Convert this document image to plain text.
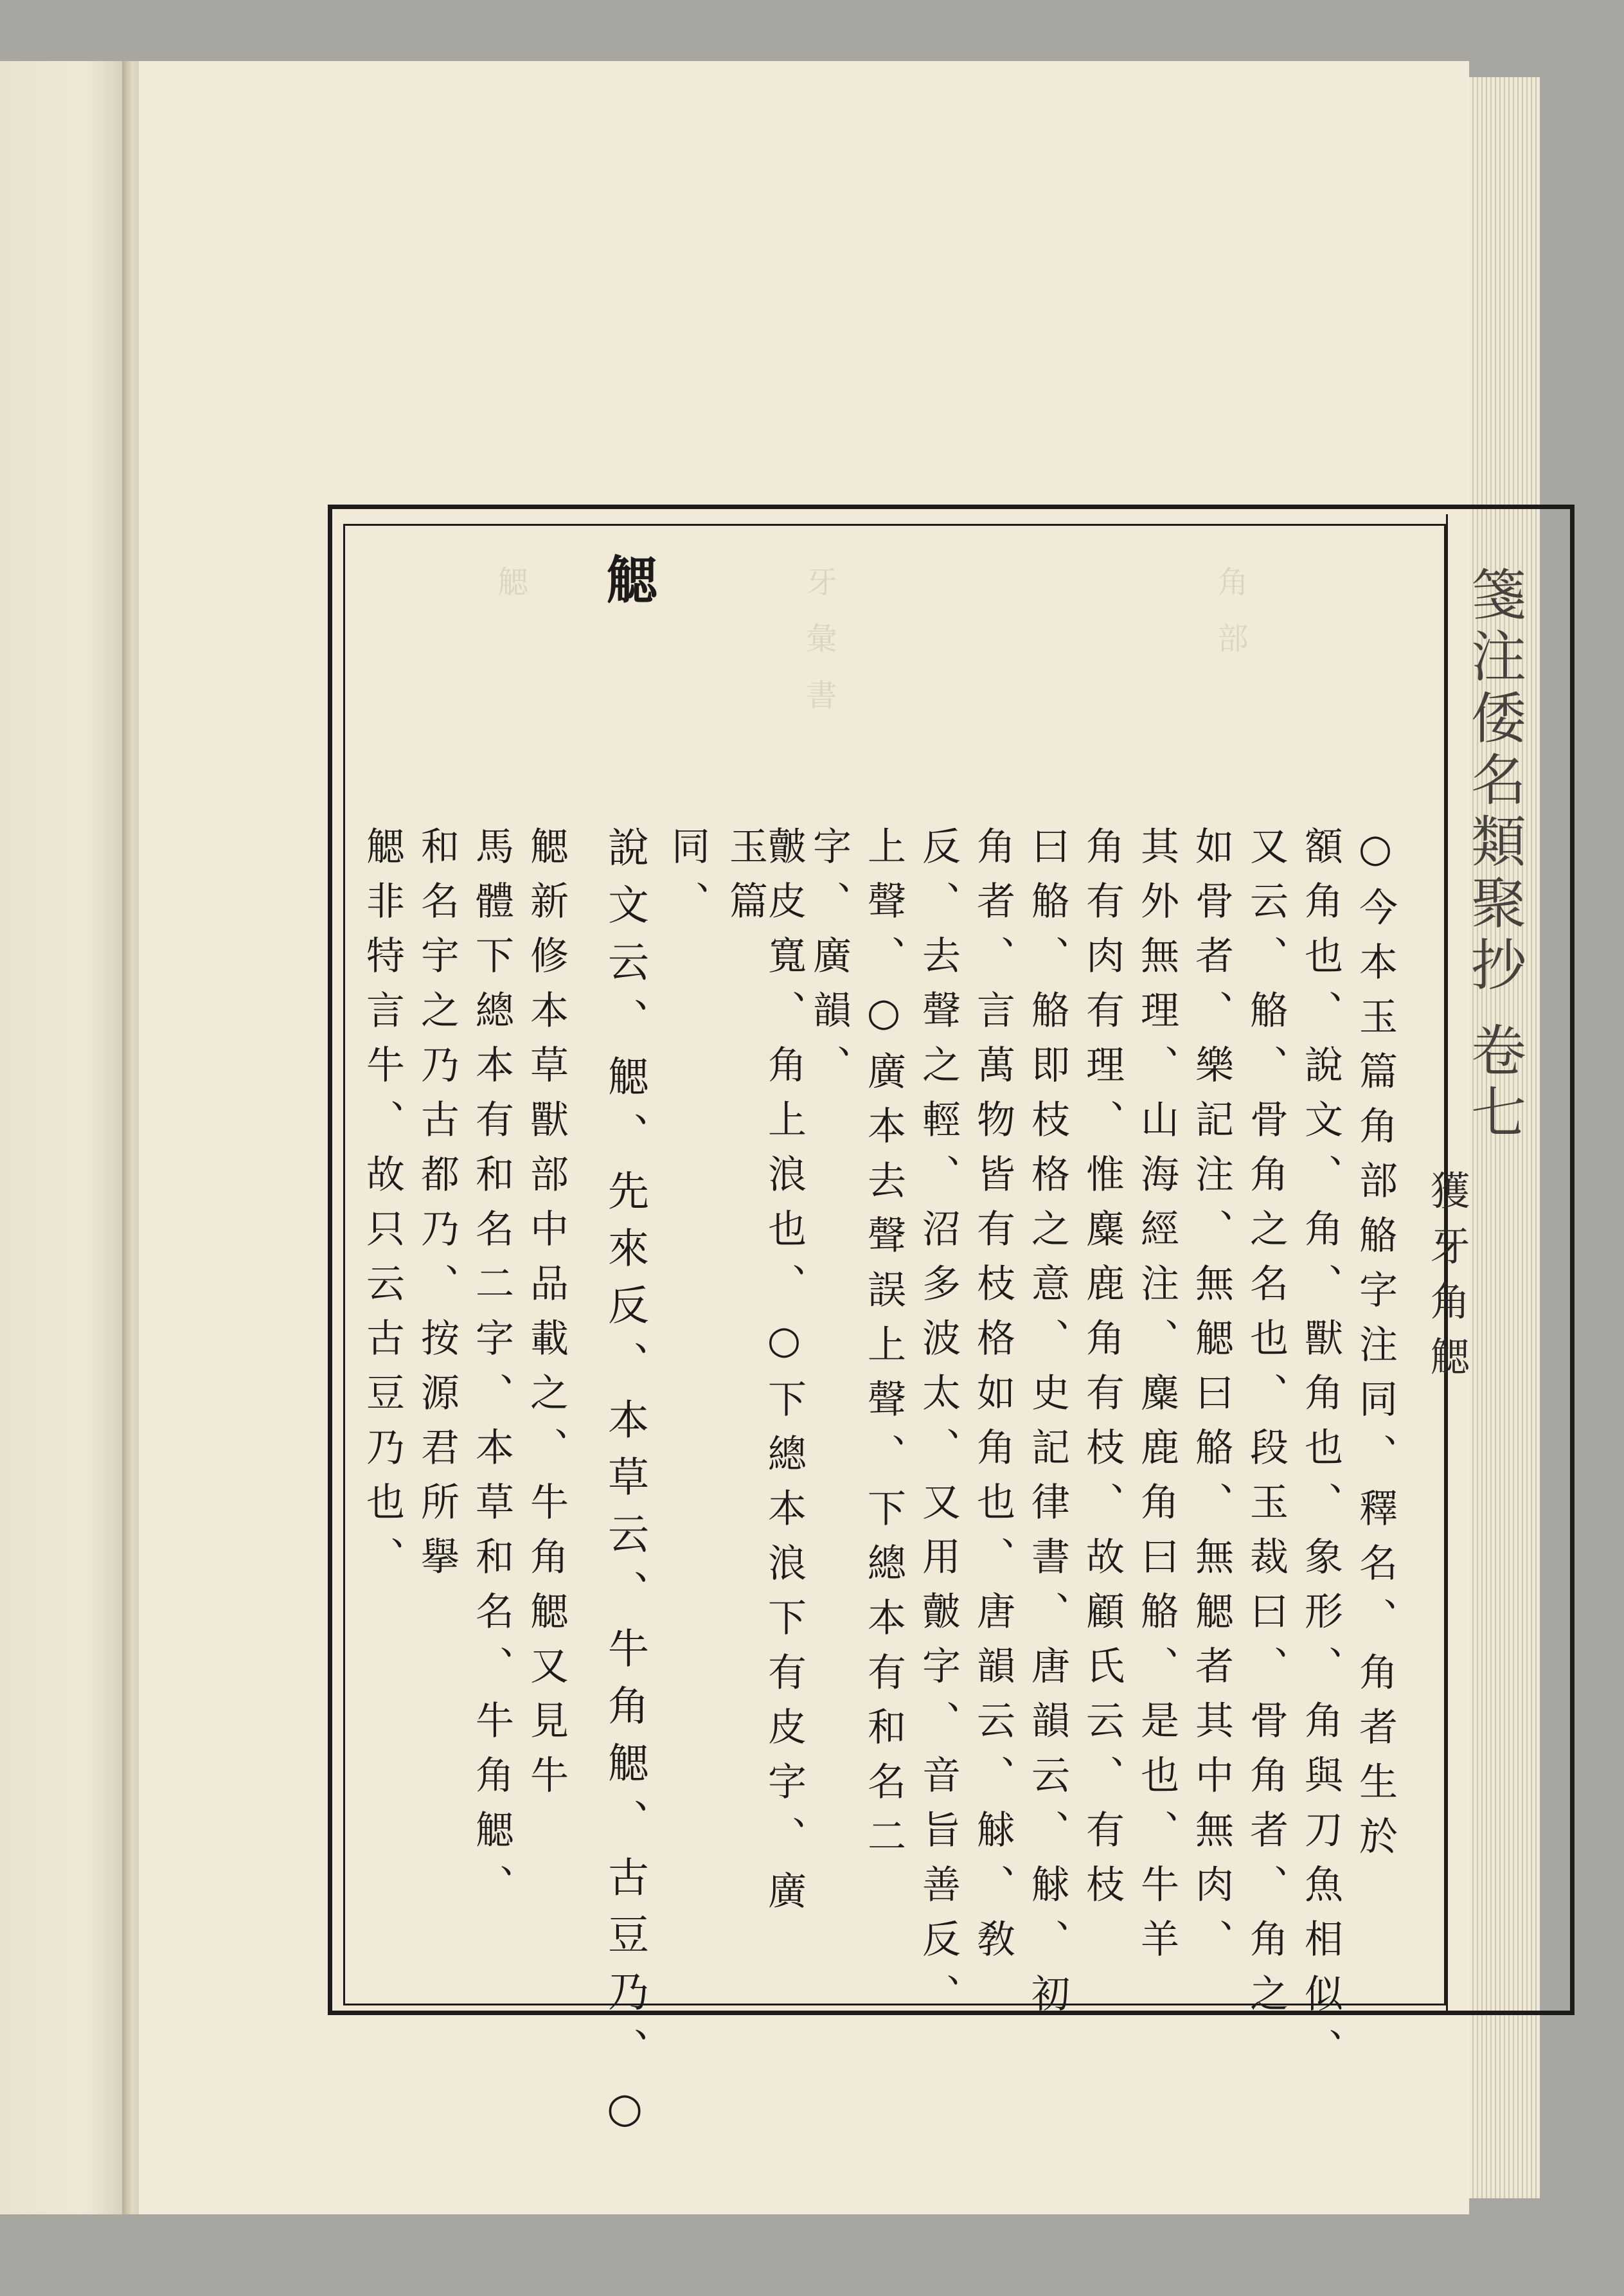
䚡	牙彙書	角部	箋注倭名類聚抄 卷七
獲牙角䚡
䚡
○今本玉篇角部觡字注同、釋名、角者生於
額角也、說文、角、獸角也、象形、角與刀魚相似、
又云、觡、骨角之名也、段玉裁曰、骨角者、角之
如骨者、樂記注、無䚡曰觡、無䚡者其中無肉、
其外無理、山海經注、麋鹿角曰觡、是也、牛羊
角有肉有理、惟麋鹿角有枝、故顧氏云、有枝
曰觡、觡即枝格之意、史記律書、唐韻云、觩、初
角者、言萬物皆有枝格如角也、唐韻云、觩、敎
反、去聲之輕、沼多波太、又用皾字、音旨善反、
上聲、○廣本去聲誤上聲、下總本有和名二
字、廣韻、
皾皮寬、角上浪也、○下總本浪下有皮字、廣
玉篇
同、
說文云、䚡、先來反、本草云、牛角䚡、古豆乃、○
䚡新修本草獸部中品載之、牛角䚡又見牛
馬體下總本有和名二字、本草和名、牛角䚡、
和名宇之乃古都乃、按源君所擧
䚡非特言牛、故只云古豆乃也、
